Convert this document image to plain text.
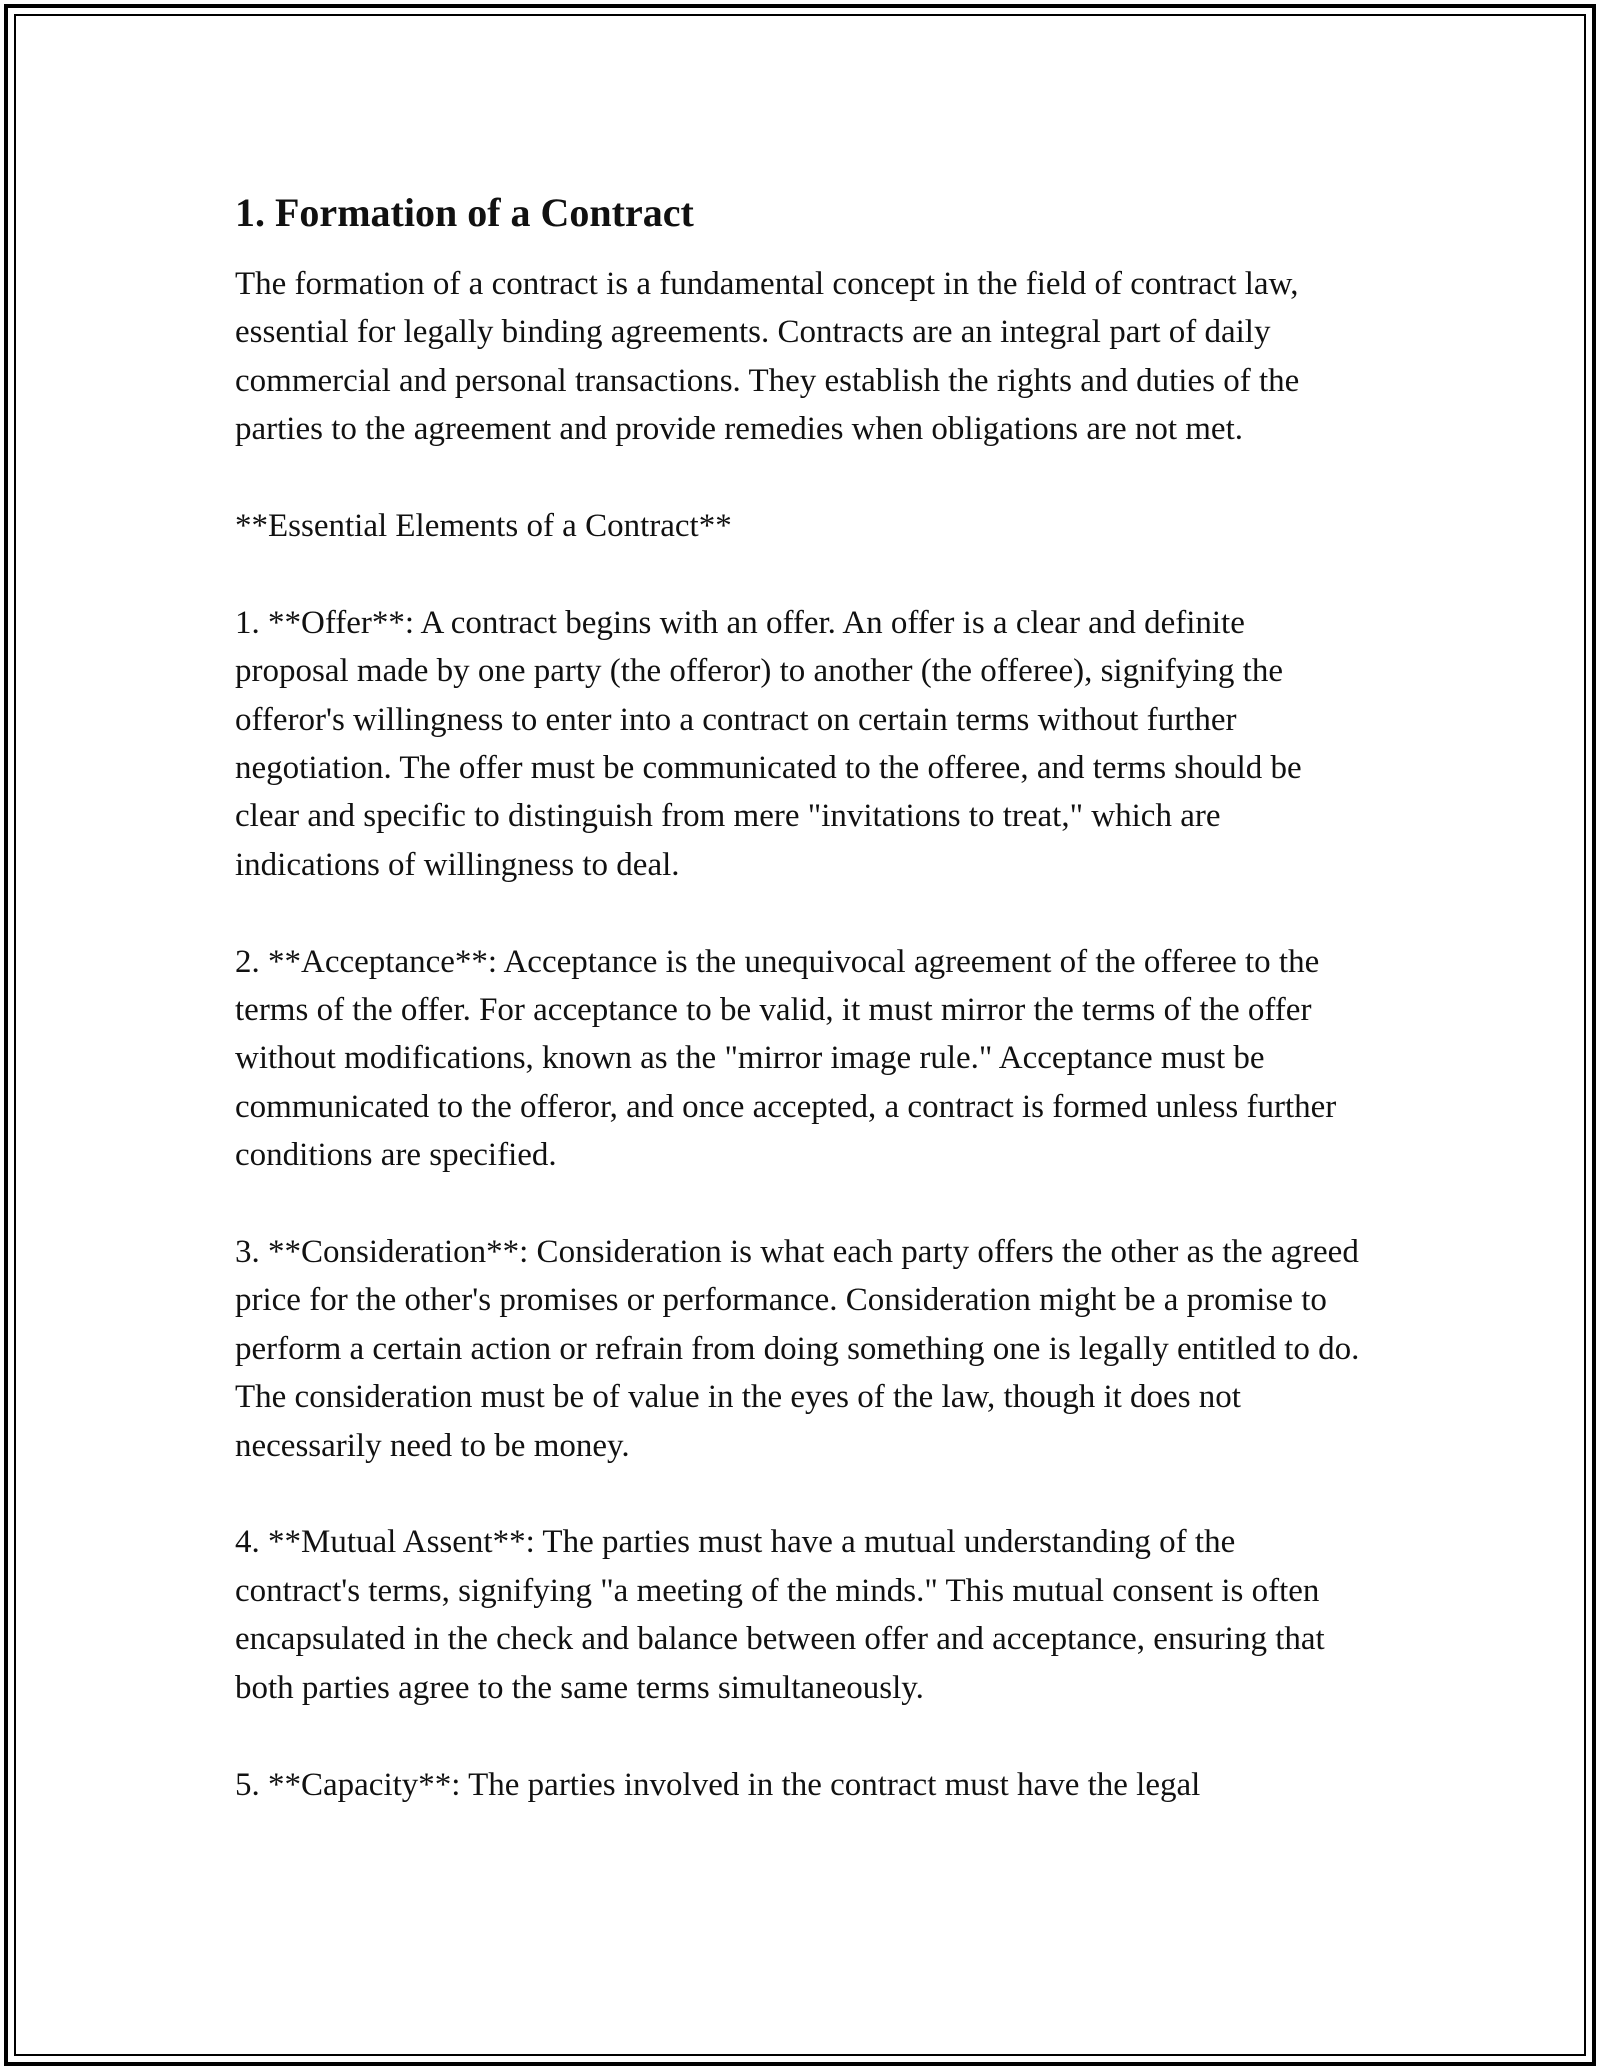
1. Formation of a Contract

The formation of a contract is a fundamental concept in the field of contract law, essential for legally binding agreements. Contracts are an integral part of daily commercial and personal transactions. They establish the rights and duties of the parties to the agreement and provide remedies when obligations are not met.

**Essential Elements of a Contract**

1. **Offer**: A contract begins with an offer. An offer is a clear and definite proposal made by one party (the offeror) to another (the offeree), signifying the offeror's willingness to enter into a contract on certain terms without further negotiation. The offer must be communicated to the offeree, and terms should be clear and specific to distinguish from mere "invitations to treat," which are indications of willingness to deal.

2. **Acceptance**: Acceptance is the unequivocal agreement of the offeree to the terms of the offer. For acceptance to be valid, it must mirror the terms of the offer without modifications, known as the "mirror image rule." Acceptance must be communicated to the offeror, and once accepted, a contract is formed unless further conditions are specified.

3. **Consideration**: Consideration is what each party offers the other as the agreed price for the other's promises or performance. Consideration might be a promise to perform a certain action or refrain from doing something one is legally entitled to do. The consideration must be of value in the eyes of the law, though it does not necessarily need to be money.

4. **Mutual Assent**: The parties must have a mutual understanding of the contract's terms, signifying "a meeting of the minds." This mutual consent is often encapsulated in the check and balance between offer and acceptance, ensuring that both parties agree to the same terms simultaneously.

5. **Capacity**: The parties involved in the contract must have the legal
